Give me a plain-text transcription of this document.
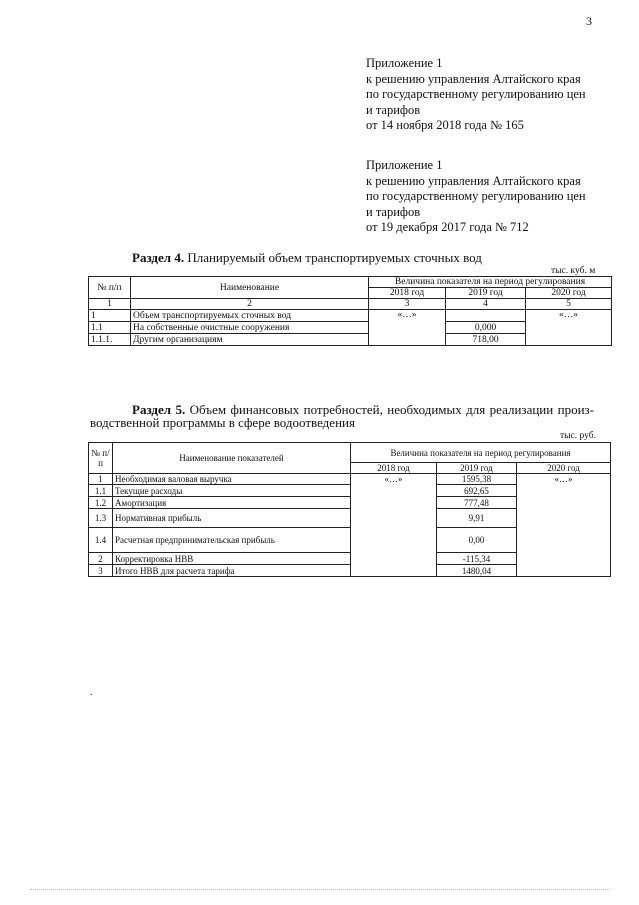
3
Приложение 1
к решению управления Алтайского края
по государственному регулированию цен
и тарифов
от 14 ноября 2018 года № 165
Приложение 1
к решению управления Алтайского края
по государственному регулированию цен
и тарифов
от 19 декабря 2017 года № 712
Раздел 4. Планируемый объем транспортируемых сточных вод
тыс. куб. м
№ п/п	Наименование	Величина показателя на период регулирования		
		2018 год	2019 год	2020 год
1	2	3	4	5
1	Объем транспортируемых сточных вод	«…»		«…»
1.1	На собственные очистные сооружения		0,000	
1.1.1.	Другим организациям		718,00	
Раздел 5. Объем финансовых потребностей, необходимых для реализации произ-
водственной программы в сфере водоотведения
тыс. руб.
№ п/п	Наименование показателей	Величина показателя на период регулирования		
		2018 год	2019 год	2020 год
1	Необходимая валовая выручка	«…»	1595,38	«…»
1.1	Текущие расходы		692,65	
1.2	Амортизация		777,48	
1.3	Нормативная прибыль		9,91	
1.4	Расчетная предпринимательская прибыль		0,00	
2	Корректировка НВВ		-115,34	
3	Итого НВВ для расчета тарифа		1480,04	
.
